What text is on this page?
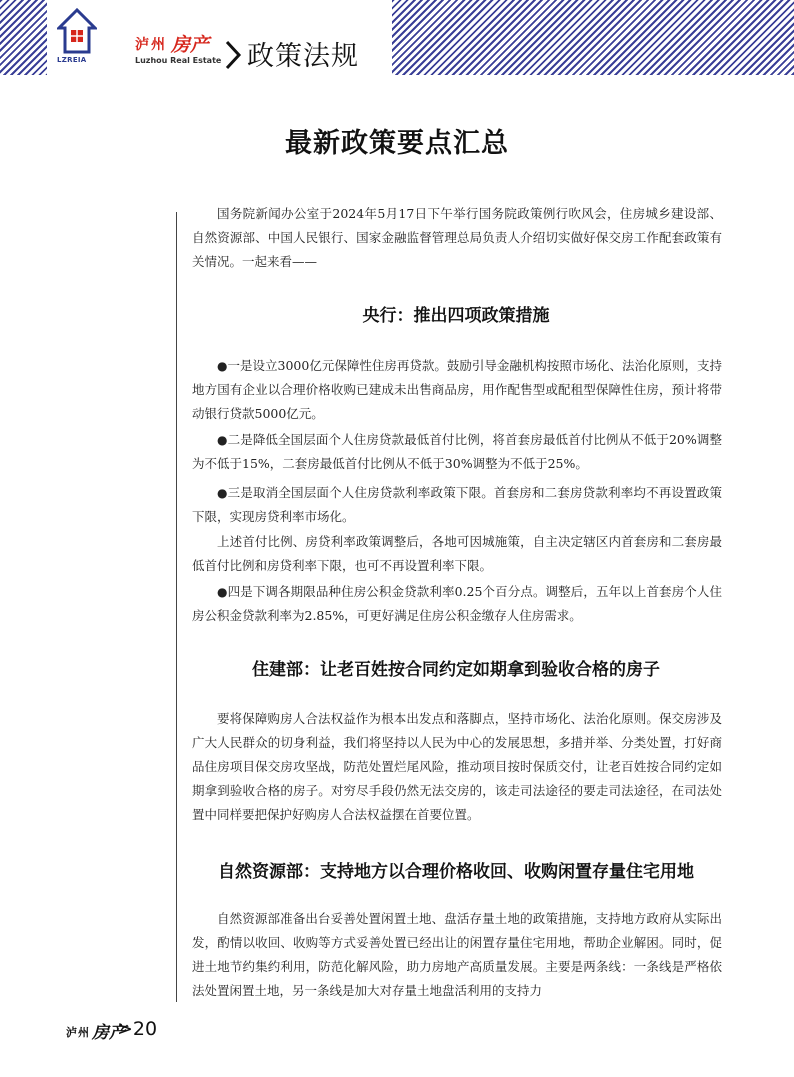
LZREIA
泸州 房产
Luzhou Real Estate 政策法规
最新政策要点汇总

国务院新闻办公室于2024年5月17日下午举行国务院政策例行吹风会，住房城乡建设部、自然资源部、中国人民银行、国家金融监督管理总局负责人介绍切实做好保交房工作配套政策有关情况。一起来看——

央行：推出四项政策措施

●一是设立3000亿元保障性住房再贷款。鼓励引导金融机构按照市场化、法治化原则，支持地方国有企业以合理价格收购已建成未出售商品房，用作配售型或配租型保障性住房，预计将带动银行贷款5000亿元。

●二是降低全国层面个人住房贷款最低首付比例，将首套房最低首付比例从不低于20%调整为不低于15%，二套房最低首付比例从不低于30%调整为不低于25%。

●三是取消全国层面个人住房贷款利率政策下限。首套房和二套房贷款利率均不再设置政策下限，实现房贷利率市场化。

上述首付比例、房贷利率政策调整后，各地可因城施策，自主决定辖区内首套房和二套房最低首付比例和房贷利率下限，也可不再设置利率下限。

●四是下调各期限品种住房公积金贷款利率0.25个百分点。调整后，五年以上首套房个人住房公积金贷款利率为2.85%，可更好满足住房公积金缴存人住房需求。

住建部：让老百姓按合同约定如期拿到验收合格的房子

要将保障购房人合法权益作为根本出发点和落脚点，坚持市场化、法治化原则。保交房涉及广大人民群众的切身利益，我们将坚持以人民为中心的发展思想，多措并举、分类处置，打好商品住房项目保交房攻坚战，防范处置烂尾风险，推动项目按时保质交付，让老百姓按合同约定如期拿到验收合格的房子。对穷尽手段仍然无法交房的，该走司法途径的要走司法途径，在司法处置中同样要把保护好购房人合法权益摆在首要位置。

自然资源部：支持地方以合理价格收回、收购闲置存量住宅用地

自然资源部准备出台妥善处置闲置土地、盘活存量土地的政策措施，支持地方政府从实际出发，酌情以收回、收购等方式妥善处置已经出让的闲置存量住宅用地，帮助企业解困。同时，促进土地节约集约利用，防范化解风险，助力房地产高质量发展。主要是两条线：一条线是严格依法处置闲置土地，另一条线是加大对存量土地盘活利用的支持力

泸州 房产
>20
